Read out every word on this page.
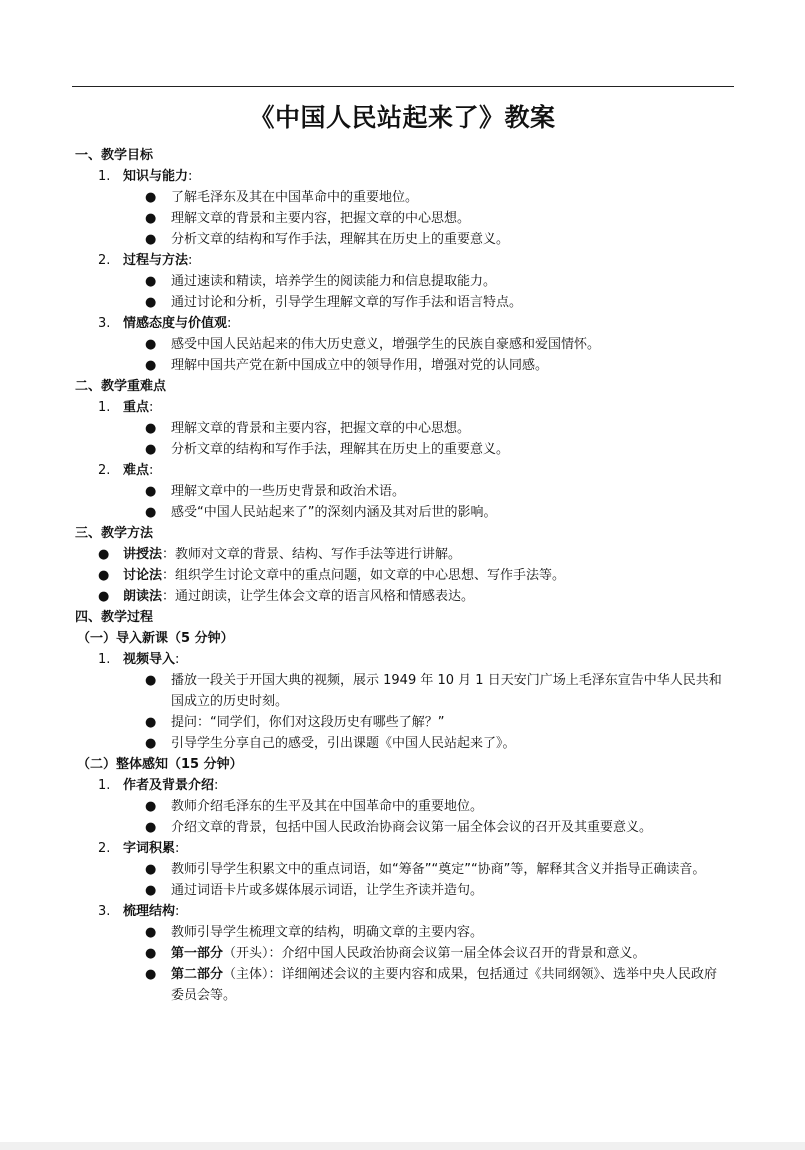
《中国人民站起来了》教案
一、教学目标
1. 知识与能力:
● 了解毛泽东及其在中国革命中的重要地位。
● 理解文章的背景和主要内容，把握文章的中心思想。
● 分析文章的结构和写作手法，理解其在历史上的重要意义。
2. 过程与方法:
● 通过速读和精读，培养学生的阅读能力和信息提取能力。
● 通过讨论和分析，引导学生理解文章的写作手法和语言特点。
3. 情感态度与价值观:
● 感受中国人民站起来的伟大历史意义，增强学生的民族自豪感和爱国情怀。
● 理解中国共产党在新中国成立中的领导作用，增强对党的认同感。
二、教学重难点
1. 重点:
● 理解文章的背景和主要内容，把握文章的中心思想。
● 分析文章的结构和写作手法，理解其在历史上的重要意义。
2. 难点:
● 理解文章中的一些历史背景和政治术语。
● 感受“中国人民站起来了”的深刻内涵及其对后世的影响。
三、教学方法
● 讲授法：教师对文章的背景、结构、写作手法等进行讲解。
● 讨论法：组织学生讨论文章中的重点问题，如文章的中心思想、写作手法等。
● 朗读法：通过朗读，让学生体会文章的语言风格和情感表达。
四、教学过程
（一）导入新课（5 分钟）
1. 视频导入:
● 播放一段关于开国大典的视频，展示 1949 年 10 月 1 日天安门广场上毛泽东宣告中华人民共和国成立的历史时刻。
● 提问：“同学们，你们对这段历史有哪些了解？”
● 引导学生分享自己的感受，引出课题《中国人民站起来了》。
（二）整体感知（15 分钟）
1. 作者及背景介绍:
● 教师介绍毛泽东的生平及其在中国革命中的重要地位。
● 介绍文章的背景，包括中国人民政治协商会议第一届全体会议的召开及其重要意义。
2. 字词积累:
● 教师引导学生积累文中的重点词语，如“筹备”“奠定”“协商”等，解释其含义并指导正确读音。
● 通过词语卡片或多媒体展示词语，让学生齐读并造句。
3. 梳理结构:
● 教师引导学生梳理文章的结构，明确文章的主要内容。
● 第一部分（开头）：介绍中国人民政治协商会议第一届全体会议召开的背景和意义。
● 第二部分（主体）：详细阐述会议的主要内容和成果，包括通过《共同纲领》、选举中央人民政府委员会等。
